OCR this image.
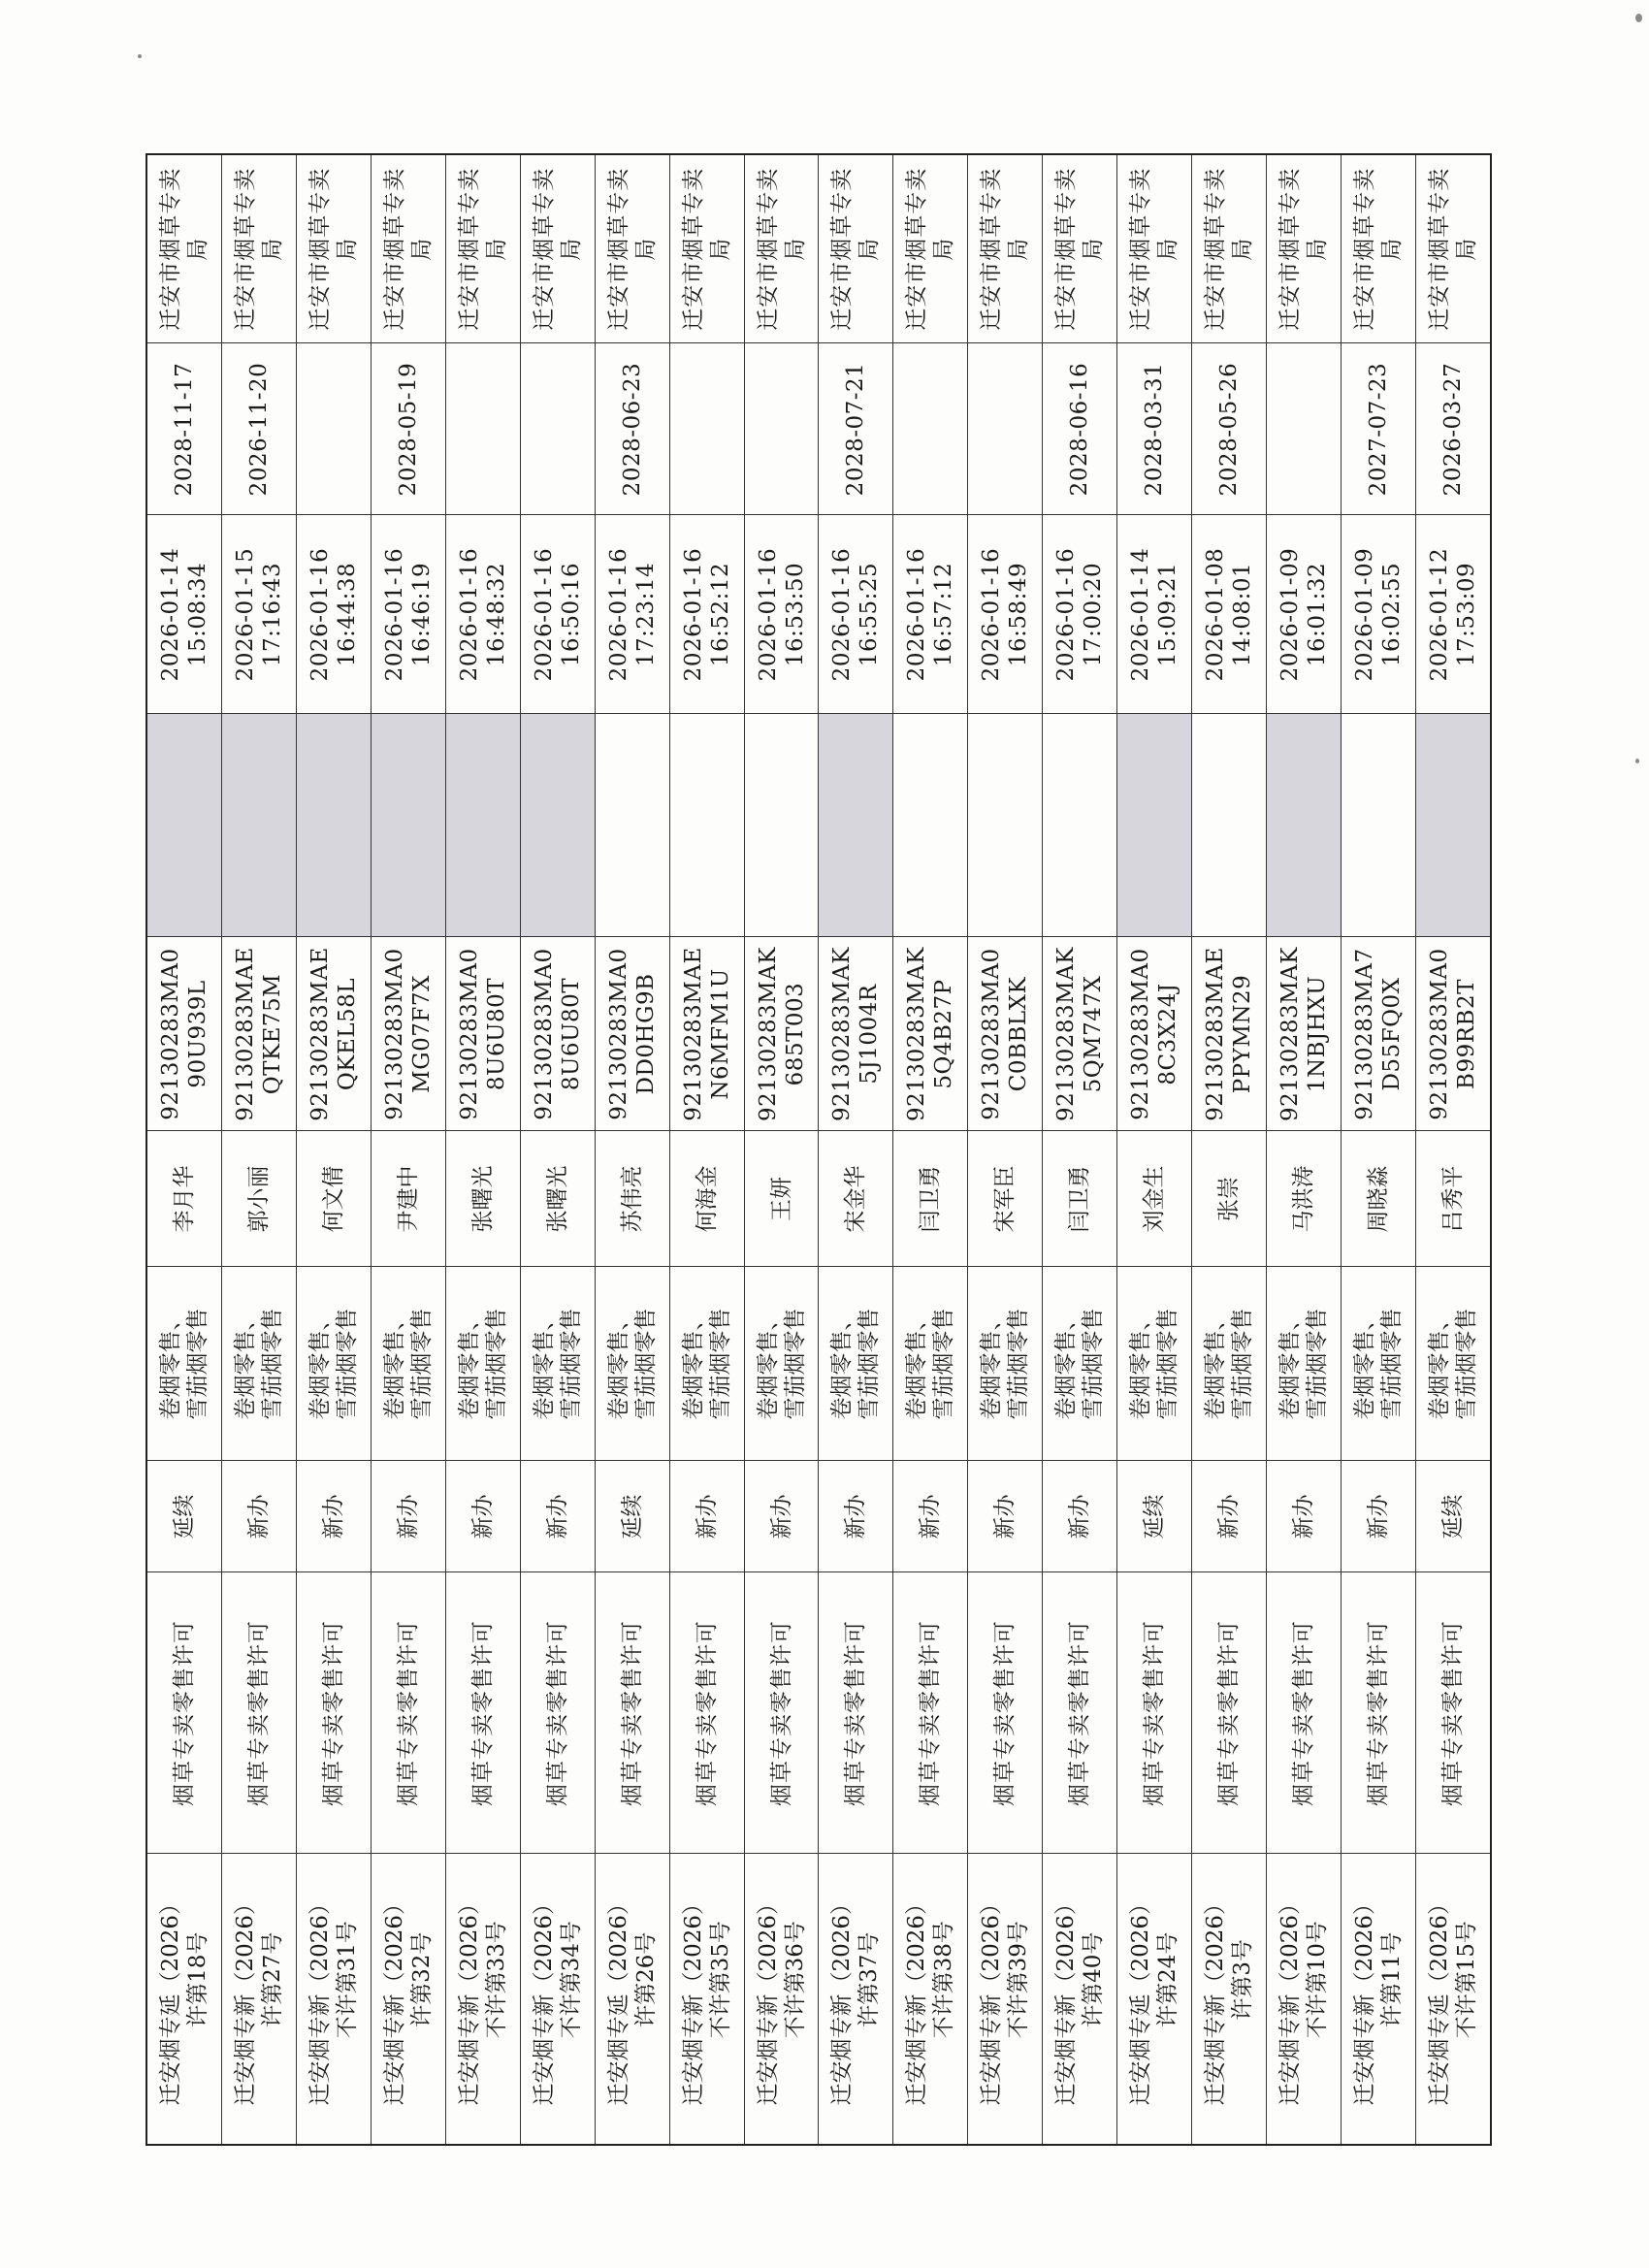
迁安烟专延（2026） 许第18号	烟草专卖零售许可	延续	卷烟零售、 雪茄烟零售	李月华	92130283MA0 90U939L		2026-01-14 15:08:34	2028-11-17	迁安市烟草专卖局

迁安烟专新（2026） 许第27号	烟草专卖零售许可	新办	卷烟零售、 雪茄烟零售	郭小丽	92130283MAE QTKE75M		2026-01-15 17:16:43	2026-11-20	迁安市烟草专卖局

迁安烟专新（2026） 不许第31号	烟草专卖零售许可	新办	卷烟零售、 雪茄烟零售	何文倩	92130283MAE QKEL58L		2026-01-16 16:44:38		迁安市烟草专卖局

迁安烟专新（2026） 许第32号	烟草专卖零售许可	新办	卷烟零售、 雪茄烟零售	尹建中	92130283MA0 MG07F7X		2026-01-16 16:46:19	2028-05-19	迁安市烟草专卖局

迁安烟专新（2026） 不许第33号	烟草专卖零售许可	新办	卷烟零售、 雪茄烟零售	张曙光	92130283MA0 8U6U80T		2026-01-16 16:48:32		迁安市烟草专卖局

迁安烟专新（2026） 不许第34号	烟草专卖零售许可	新办	卷烟零售、 雪茄烟零售	张曙光	92130283MA0 8U6U80T		2026-01-16 16:50:16		迁安市烟草专卖局

迁安烟专延（2026） 许第26号	烟草专卖零售许可	延续	卷烟零售、 雪茄烟零售	苏伟亮	92130283MA0 DD0HG9B		2026-01-16 17:23:14	2028-06-23	迁安市烟草专卖局

迁安烟专新（2026） 不许第35号	烟草专卖零售许可	新办	卷烟零售、 雪茄烟零售	何海金	92130283MAE N6MFM1U		2026-01-16 16:52:12		迁安市烟草专卖局

迁安烟专新（2026） 不许第36号	烟草专卖零售许可	新办	卷烟零售、 雪茄烟零售	王妍	92130283MAK 685T003		2026-01-16 16:53:50		迁安市烟草专卖局

迁安烟专新（2026） 许第37号	烟草专卖零售许可	新办	卷烟零售、 雪茄烟零售	宋金华	92130283MAK 5J1004R		2026-01-16 16:55:25	2028-07-21	迁安市烟草专卖局

迁安烟专新（2026） 不许第38号	烟草专卖零售许可	新办	卷烟零售、 雪茄烟零售	闫卫勇	92130283MAK 5Q4B27P		2026-01-16 16:57:12		迁安市烟草专卖局

迁安烟专新（2026） 不许第39号	烟草专卖零售许可	新办	卷烟零售、 雪茄烟零售	宋军臣	92130283MA0 C0BBLXK		2026-01-16 16:58:49		迁安市烟草专卖局

迁安烟专新（2026） 许第40号	烟草专卖零售许可	新办	卷烟零售、 雪茄烟零售	闫卫勇	92130283MAK 5QM747X		2026-01-16 17:00:20	2028-06-16	迁安市烟草专卖局

迁安烟专延（2026） 许第24号	烟草专卖零售许可	延续	卷烟零售、 雪茄烟零售	刘金生	92130283MA0 8C3X24J		2026-01-14 15:09:21	2028-03-31	迁安市烟草专卖局

迁安烟专新（2026） 许第3号	烟草专卖零售许可	新办	卷烟零售、 雪茄烟零售	张崇	92130283MAE PPYMN29		2026-01-08 14:08:01	2028-05-26	迁安市烟草专卖局

迁安烟专新（2026） 不许第10号	烟草专卖零售许可	新办	卷烟零售、 雪茄烟零售	马洪涛	92130283MAK 1NBJHXU		2026-01-09 16:01:32		迁安市烟草专卖局

迁安烟专新（2026） 许第11号	烟草专卖零售许可	新办	卷烟零售、 雪茄烟零售	周晓淼	92130283MA7 D55FQ0X		2026-01-09 16:02:55	2027-07-23	迁安市烟草专卖局

迁安烟专延（2026） 不许第15号	烟草专卖零售许可	延续	卷烟零售、 雪茄烟零售	吕秀平	92130283MA0 B99RB2T		2026-01-12 17:53:09	2026-03-27	迁安市烟草专卖局
